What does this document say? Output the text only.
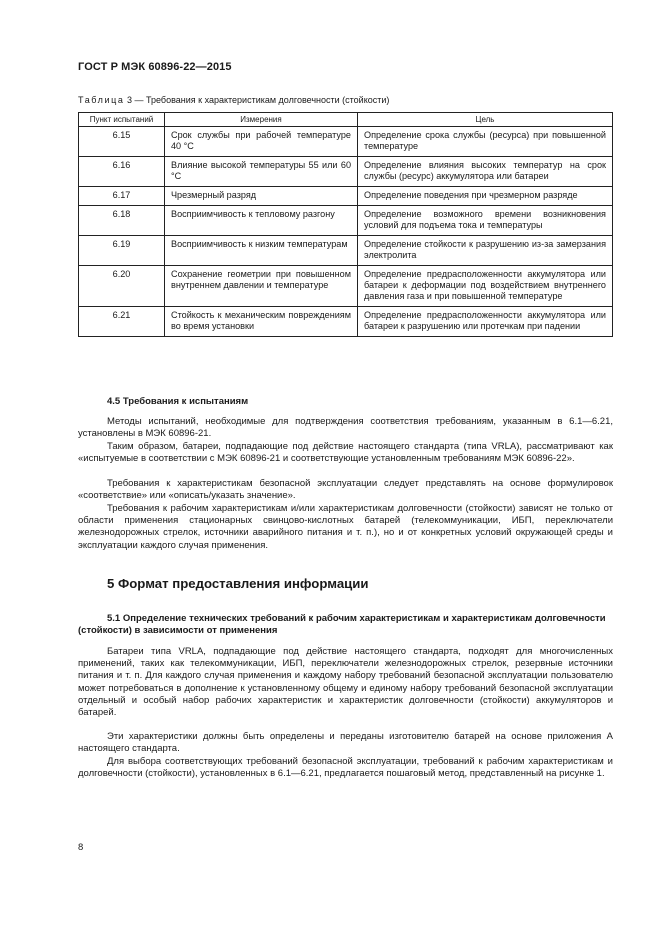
ГОСТ Р МЭК 60896-22—2015
Таблица 3 — Требования к характеристикам долговечности (стойкости)
Пункт испытаний	Измерения	Цель
6.15	Срок службы при рабочей температуре 40 °С	Определение срока службы (ресурса) при повышенной температуре
6.16	Влияние высокой температуры 55 или 60 °С	Определение влияния высоких температур на срок службы (ресурс) аккумулятора или батареи
6.17	Чрезмерный разряд	Определение поведения при чрезмерном разряде
6.18	Восприимчивость к тепловому разгону	Определение возможного времени возникновения условий для подъема тока и температуры
6.19	Восприимчивость к низким температурам	Определение стойкости к разрушению из-за замерзания электролита
6.20	Сохранение геометрии при повышенном внутреннем давлении и температуре	Определение предрасположенности аккумулятора или батареи к деформации под воздействием внутреннего давления газа и при повышенной температуре
6.21	Стойкость к механическим повреждениям во время установки	Определение предрасположенности аккумулятора или батареи к разрушению или протечкам при падении
4.5 Требования к испытаниям
Методы испытаний, необходимые для подтверждения соответствия требованиям, указанным в 6.1—6.21, установлены в МЭК 60896-21.
Таким образом, батареи, подпадающие под действие настоящего стандарта (типа VRLA), рассматривают как «испытуемые в соответствии с МЭК 60896-21 и соответствующие установленным требованиям МЭК 60896-22».
Требования к характеристикам безопасной эксплуатации следует представлять на основе формулировок «соответствие» или «описать/указать значение».
Требования к рабочим характеристикам и/или характеристикам долговечности (стойкости) зависят не только от области применения стационарных свинцово-кислотных батарей (телекоммуникации, ИБП, переключатели железнодорожных стрелок, источники аварийного питания и т. п.), но и от конкретных условий окружающей среды и эксплуатации каждого случая применения.
5 Формат предоставления информации
5.1 Определение технических требований к рабочим характеристикам и характеристикам долговечности (стойкости) в зависимости от применения
Батареи типа VRLA, подпадающие под действие настоящего стандарта, подходят для многочисленных применений, таких как телекоммуникации, ИБП, переключатели железнодорожных стрелок, резервные источники питания и т. п. Для каждого случая применения и каждому набору требований безопасной эксплуатации пользователю может потребоваться в дополнение к установленному общему и единому набору требований безопасной эксплуатации отдельный и особый набор рабочих характеристик и характеристик долговечности (стойкости) аккумуляторов и батарей.
Эти характеристики должны быть определены и переданы изготовителю батарей на основе приложения А настоящего стандарта.
Для выбора соответствующих требований безопасной эксплуатации, требований к рабочим характеристикам и долговечности (стойкости), установленных в 6.1—6.21, предлагается пошаговый метод, представленный на рисунке 1.
8
